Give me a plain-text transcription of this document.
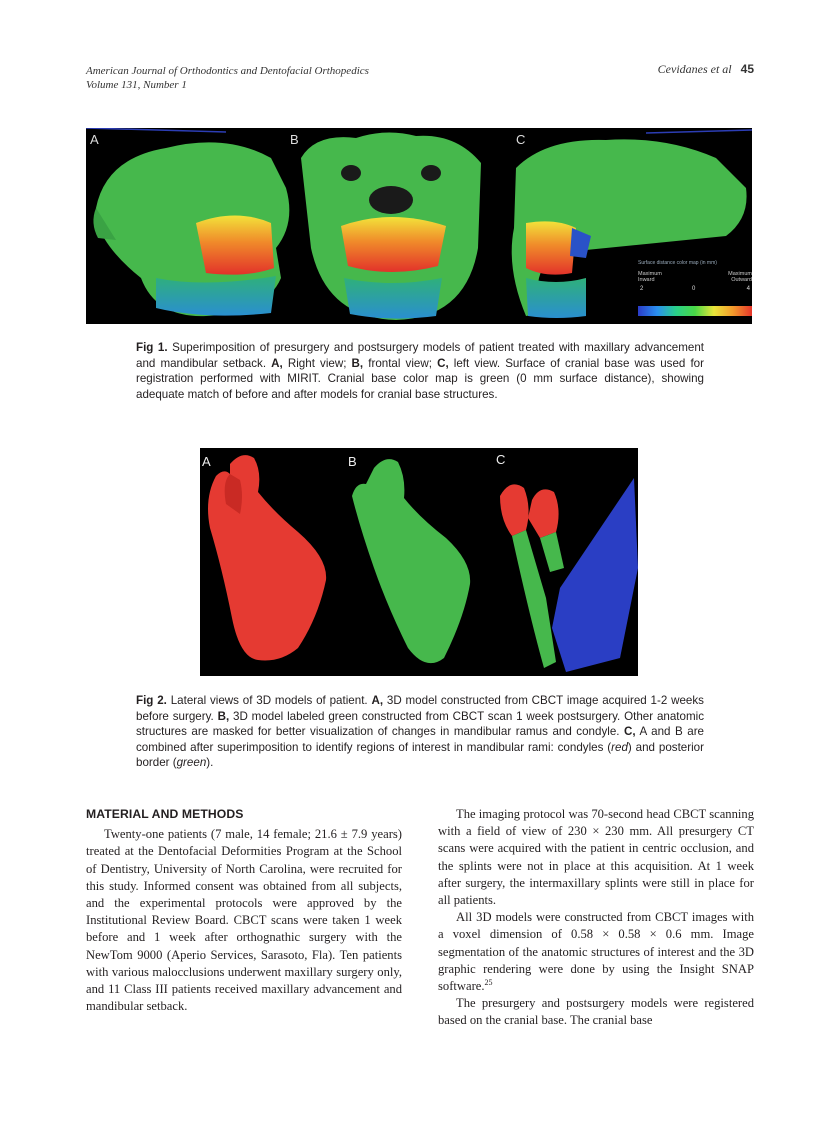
American Journal of Orthodontics and Dentofacial Orthopedics
Volume 131, Number 1
Cevidanes et al 45
A	B	C
Surface distance color map (in mm)
Maximum
Inward
Maximum
Outward
2	0	4
Fig 1. Superimposition of presurgery and postsurgery models of patient treated with maxillary advancement and mandibular setback. A, Right view; B, frontal view; C, left view. Surface of cranial base was used for registration performed with MIRIT. Cranial base color map is green (0 mm surface distance), showing adequate match of before and after models for cranial base structures.
A	B	C
Fig 2. Lateral views of 3D models of patient. A, 3D model constructed from CBCT image acquired 1-2 weeks before surgery. B, 3D model labeled green constructed from CBCT scan 1 week postsurgery. Other anatomic structures are masked for better visualization of changes in mandibular ramus and condyle. C, A and B are combined after superimposition to identify regions of interest in mandibular rami: condyles (red) and posterior border (green).
MATERIAL AND METHODS

Twenty-one patients (7 male, 14 female; 21.6 ± 7.9 years) treated at the Dentofacial Deformities Program at the School of Dentistry, University of North Carolina, were recruited for this study. Informed consent was obtained from all subjects, and the experimental protocols were approved by the Institutional Review Board. CBCT scans were taken 1 week before and 1 week after orthognathic surgery with the NewTom 9000 (Aperio Services, Sarasoto, Fla). Ten patients with various malocclusions underwent maxillary surgery only, and 11 Class III patients received maxillary advancement and mandibular setback.

The imaging protocol was 70-second head CBCT scanning with a field of view of 230 × 230 mm. All presurgery CT scans were acquired with the patient in centric occlusion, and the splints were not in place at this acquisition. At 1 week after surgery, the intermaxillary splints were still in place for all patients.

All 3D models were constructed from CBCT images with a voxel dimension of 0.58 × 0.58 × 0.6 mm. Image segmentation of the anatomic structures of interest and the 3D graphic rendering were done by using the Insight SNAP software.$^{25}$

The presurgery and postsurgery models were registered based on the cranial base. The cranial base
